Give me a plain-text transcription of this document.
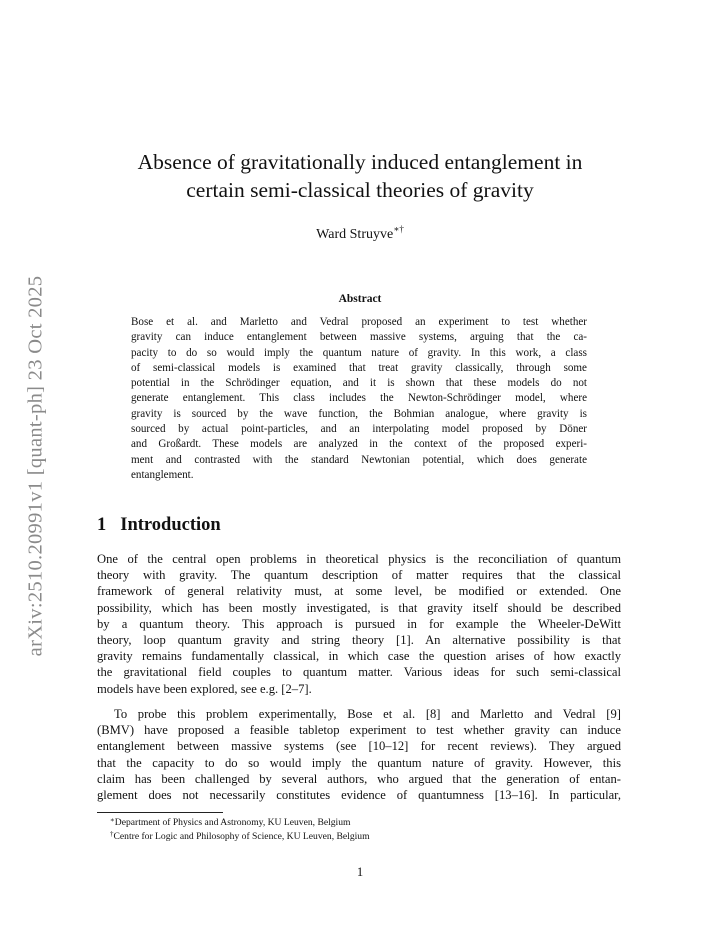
arXiv:2510.20991v1 [quant-ph] 23 Oct 2025
Absence of gravitationally induced entanglement in
certain semi-classical theories of gravity
Ward Struyve∗†
Abstract
Bose et al. and Marletto and Vedral proposed an experiment to test whether
gravity can induce entanglement between massive systems, arguing that the ca-
pacity to do so would imply the quantum nature of gravity. In this work, a class
of semi-classical models is examined that treat gravity classically, through some
potential in the Schrödinger equation, and it is shown that these models do not
generate entanglement. This class includes the Newton-Schrödinger model, where
gravity is sourced by the wave function, the Bohmian analogue, where gravity is
sourced by actual point-particles, and an interpolating model proposed by Döner
and Großardt. These models are analyzed in the context of the proposed experi-
ment and contrasted with the standard Newtonian potential, which does generate
entanglement.
1 Introduction
One of the central open problems in theoretical physics is the reconciliation of quantum
theory with gravity. The quantum description of matter requires that the classical
framework of general relativity must, at some level, be modified or extended. One
possibility, which has been mostly investigated, is that gravity itself should be described
by a quantum theory. This approach is pursued in for example the Wheeler-DeWitt
theory, loop quantum gravity and string theory [1]. An alternative possibility is that
gravity remains fundamentally classical, in which case the question arises of how exactly
the gravitational field couples to quantum matter. Various ideas for such semi-classical
models have been explored, see e.g. [2–7].
To probe this problem experimentally, Bose et al. [8] and Marletto and Vedral [9]
(BMV) have proposed a feasible tabletop experiment to test whether gravity can induce
entanglement between massive systems (see [10–12] for recent reviews). They argued
that the capacity to do so would imply the quantum nature of gravity. However, this
claim has been challenged by several authors, who argued that the generation of entan-
glement does not necessarily constitutes evidence of quantumness [13–16]. In particular,
∗Department of Physics and Astronomy, KU Leuven, Belgium
†Centre for Logic and Philosophy of Science, KU Leuven, Belgium
1
